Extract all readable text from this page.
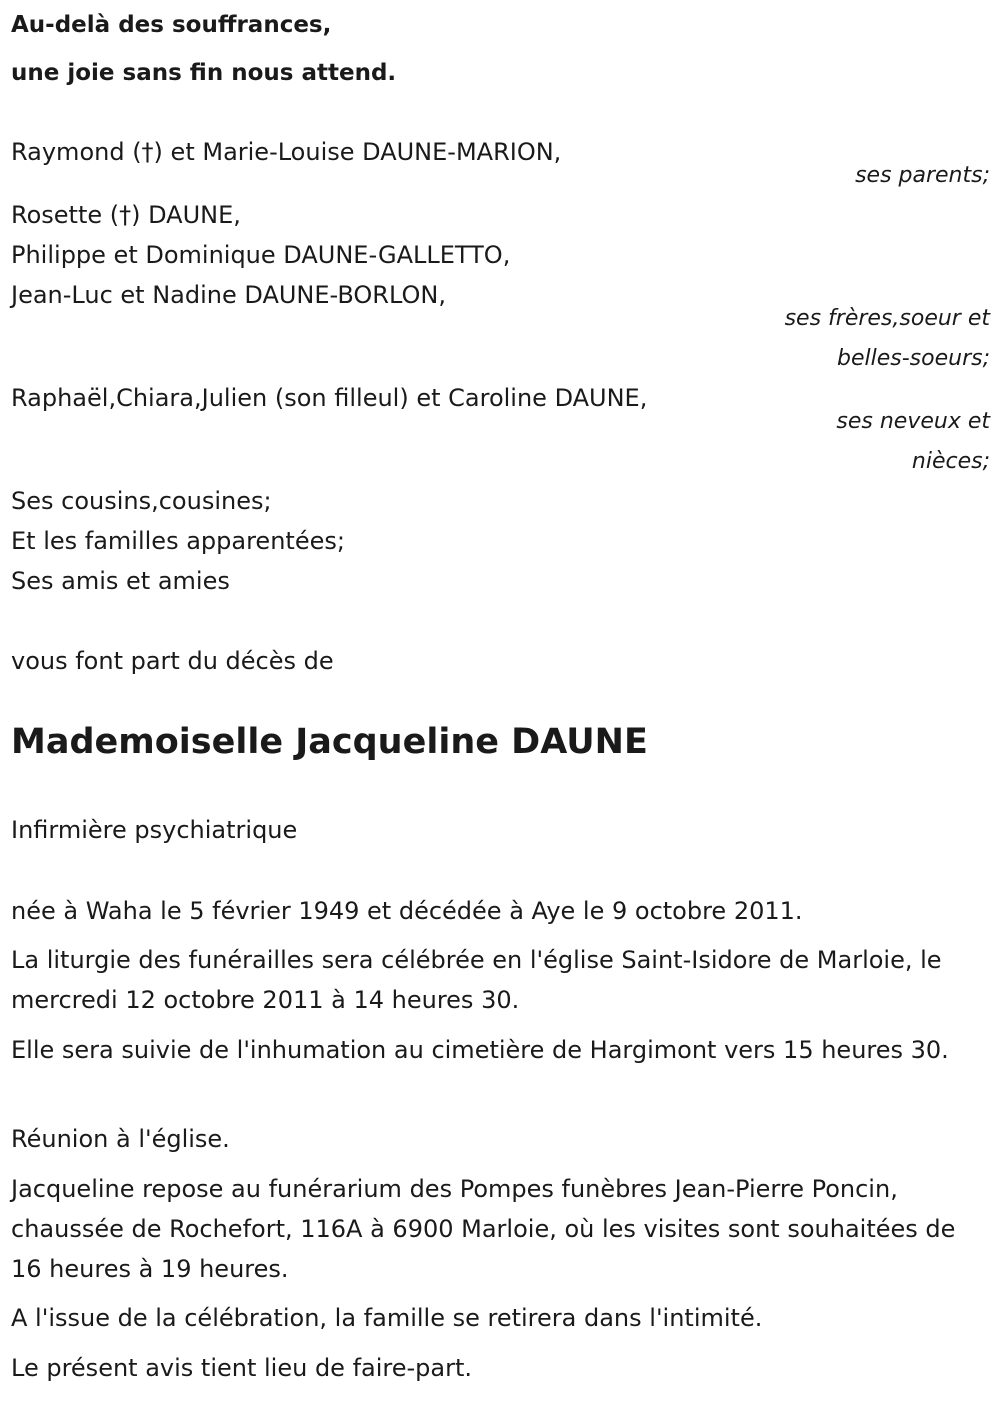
Au-delà des souffrances,
une joie sans fin nous attend.
Raymond (†) et Marie-Louise DAUNE-MARION,
ses parents;
Rosette (†) DAUNE,
Philippe et Dominique DAUNE-GALLETTO,
Jean-Luc et Nadine DAUNE-BORLON,
ses frères,soeur et
belles-soeurs;
Raphaël,Chiara,Julien (son filleul) et Caroline DAUNE,
ses neveux et
nièces;
Ses cousins,cousines;
Et les familles apparentées;
Ses amis et amies
vous font part du décès de
Mademoiselle Jacqueline DAUNE
Infirmière psychiatrique
née à Waha le 5 février 1949 et décédée à Aye le 9 octobre 2011.
La liturgie des funérailles sera célébrée en l'église Saint-Isidore de Marloie, le mercredi 12 octobre 2011 à 14 heures 30.
Elle sera suivie de l'inhumation au cimetière de Hargimont vers 15 heures 30.
Réunion à l'église.
Jacqueline repose au funérarium des Pompes funèbres Jean-Pierre Poncin, chaussée de Rochefort, 116A à 6900 Marloie, où les visites sont souhaitées de 16 heures à 19 heures.
A l'issue de la célébration, la famille se retirera dans l'intimité.
Le présent avis tient lieu de faire-part.
